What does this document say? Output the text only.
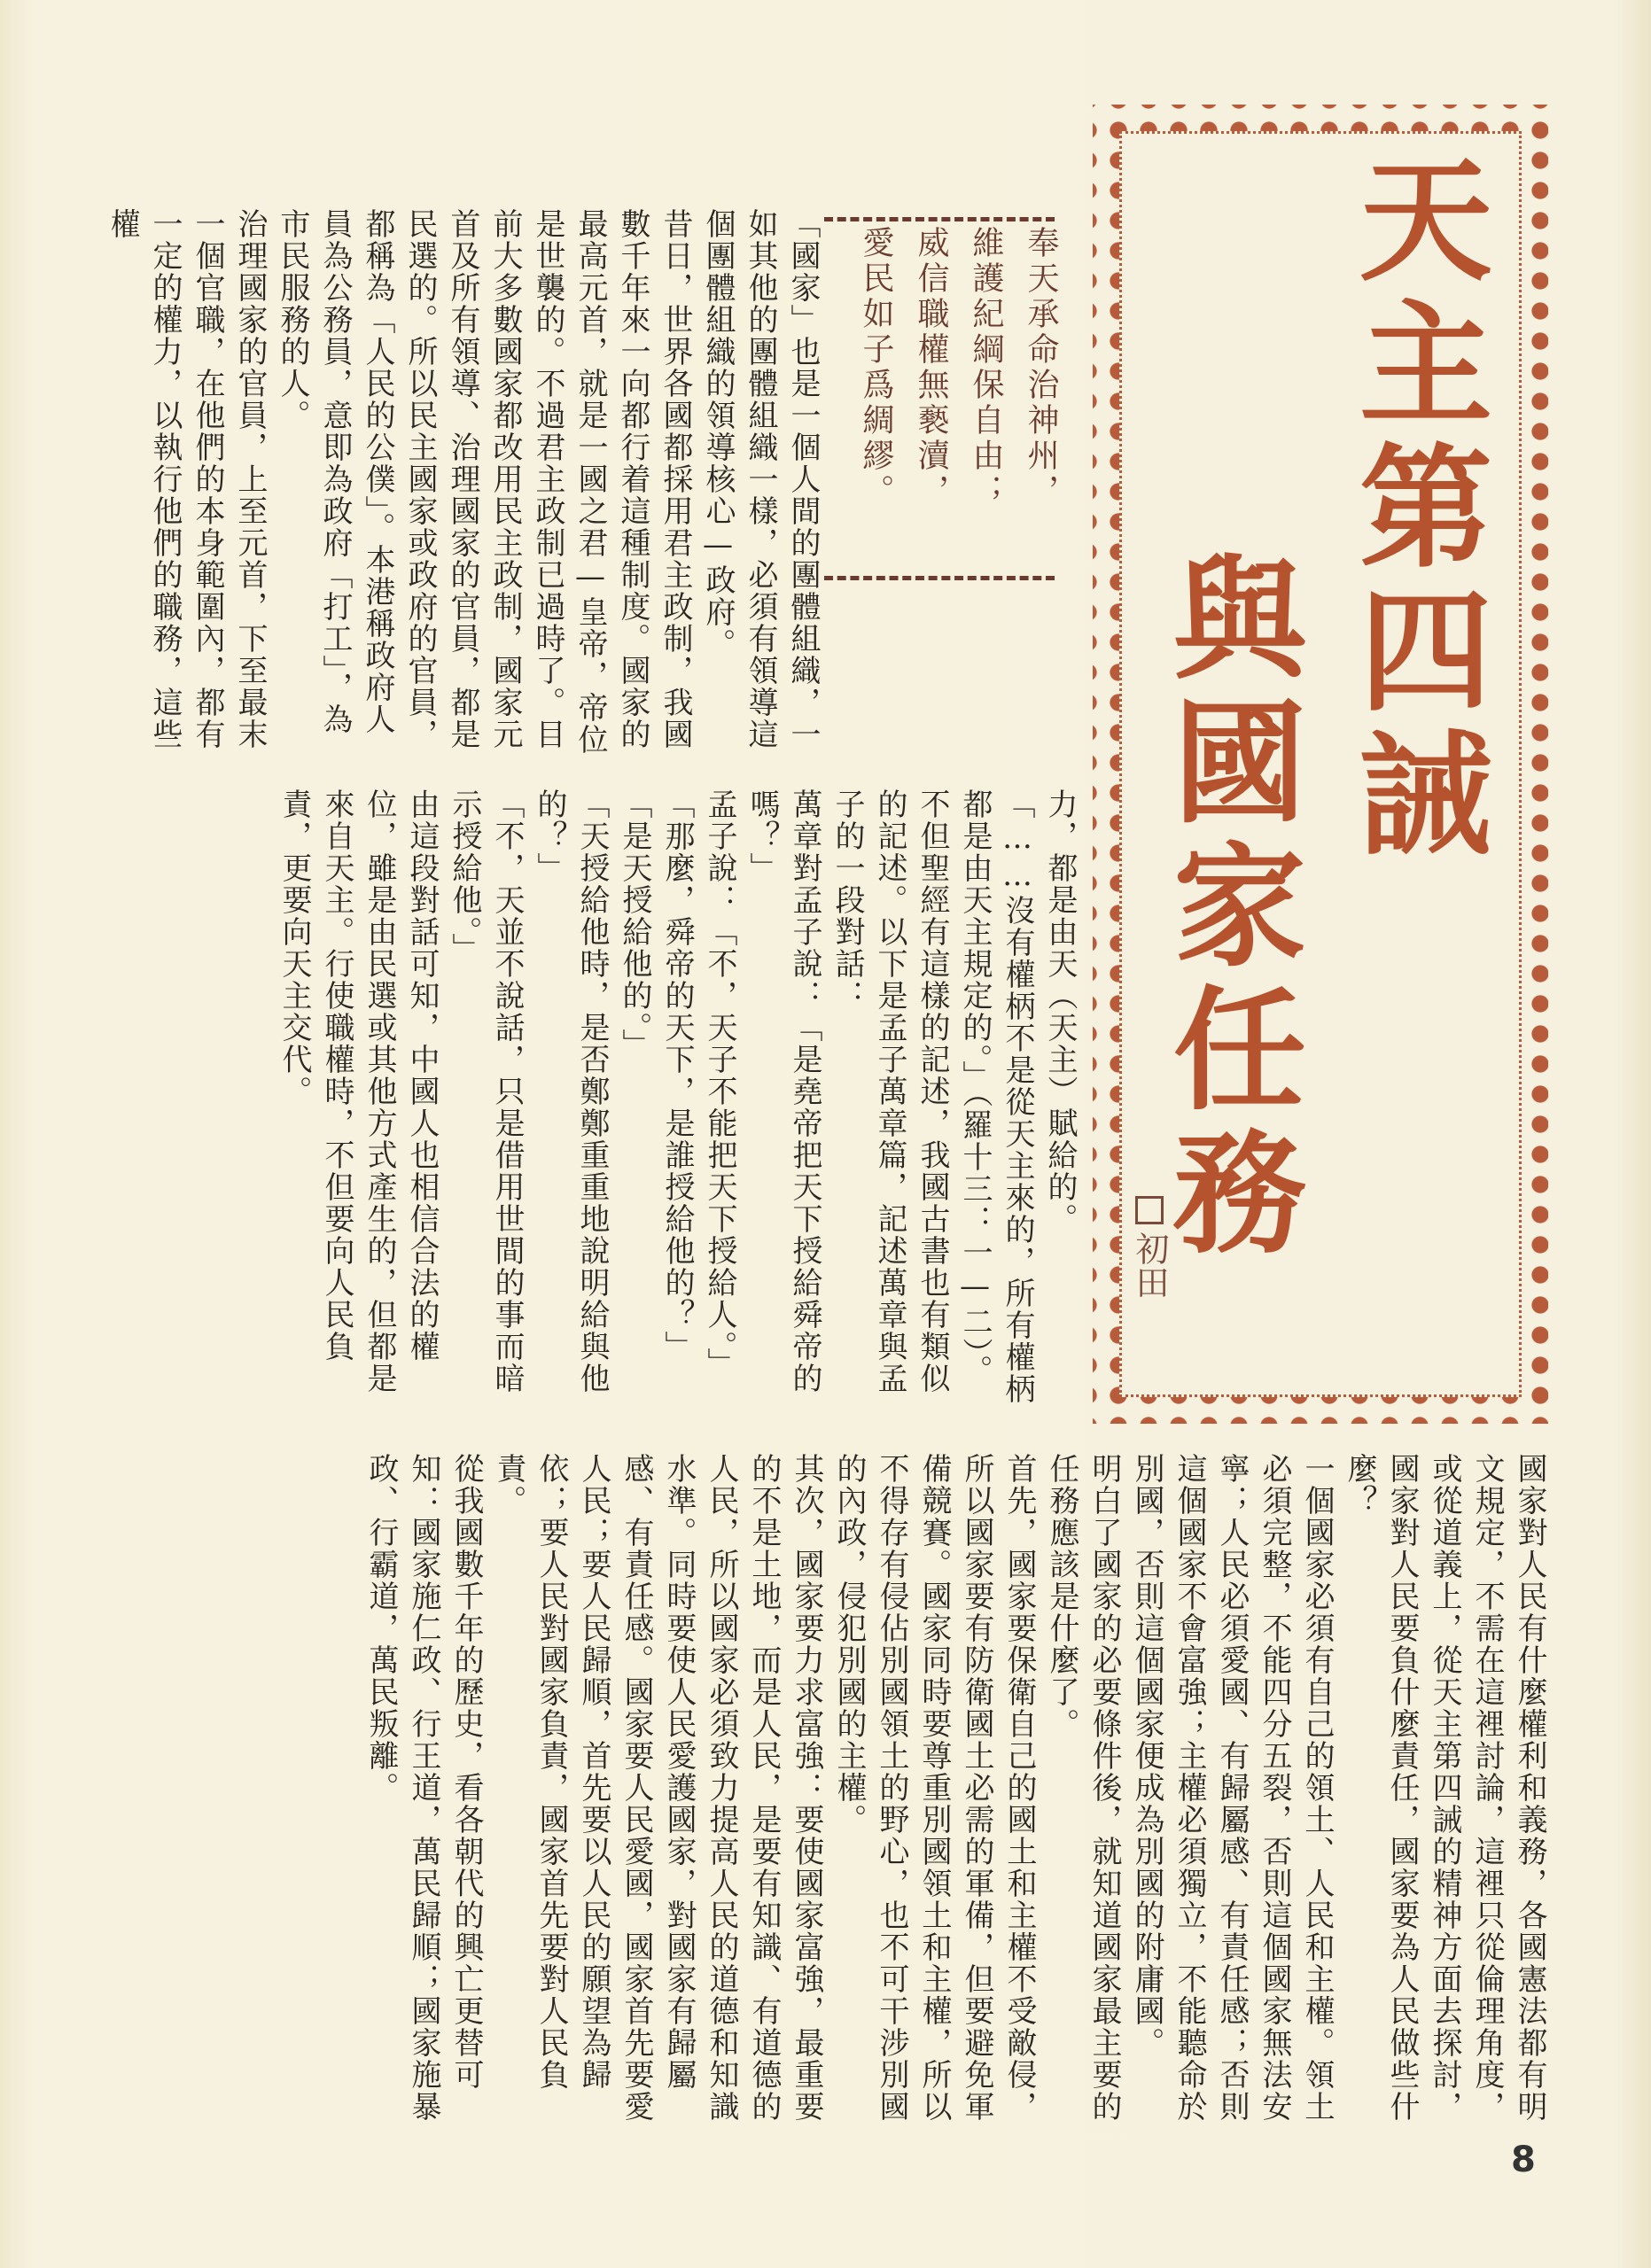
天主第四誡
與國家任務
初田
奉天承命治神州，
維護紀綱保自由；
威信職權無褻瀆，
愛民如子爲綢繆。
「國家」也是一個人間的團體組織，一如其他的團體組織一樣，必須有領導這個團體組織的領導核心—政府。
昔日，世界各國都採用君主政制，我國數千年來一向都行着這種制度。國家的最高元首，就是一國之君—皇帝，帝位是世襲的。不過君主政制已過時了。目前大多數國家都改用民主政制，國家元首及所有領導、治理國家的官員，都是民選的。所以民主國家或政府的官員，都稱為「人民的公僕」。本港稱政府人員為公務員，意即為政府「打工」，為市民服務的人。
治理國家的官員，上至元首，下至最末一個官職，在他們的本身範圍內，都有一定的權力，以執行他們的職務，這些權
力，都是由天（天主）賦給的。
「……沒有權柄不是從天主來的，所有權柄都是由天主規定的。」（羅十三：一—二）。不但聖經有這樣的記述，我國古書也有類似的記述。以下是孟子萬章篇，記述萬章與孟子的一段對話：
萬章對孟子說：「是堯帝把天下授給舜帝的嗎？」
孟子說：「不，天子不能把天下授給人。」
「那麼，舜帝的天下，是誰授給他的？」
「是天授給他的。」
「天授給他時，是否鄭鄭重重地說明給與他的？」
「不，天並不說話，只是借用世間的事而暗示授給他。」
由這段對話可知，中國人也相信合法的權位，雖是由民選或其他方式產生的，但都是來自天主。行使職權時，不但要向人民負責，更要向天主交代。
國家對人民有什麼權利和義務，各國憲法都有明文規定，不需在這裡討論，這裡只從倫理角度，或從道義上，從天主第四誡的精神方面去探討，國家對人民要負什麼責任，國家要為人民做些什麼？
一個國家必須有自己的領土、人民和主權。領土必須完整，不能四分五裂，否則這個國家無法安寧；人民必須愛國、有歸屬感、有責任感；否則這個國家不會富強；主權必須獨立，不能聽命於別國，否則這個國家便成為別國的附庸國。
明白了國家的必要條件後，就知道國家最主要的任務應該是什麼了。
首先，國家要保衛自己的國土和主權不受敵侵，所以國家要有防衛國土必需的軍備，但要避免軍備競賽。國家同時要尊重別國領土和主權，所以不得存有侵佔別國領土的野心，也不可干涉別國的內政，侵犯別國的主權。
其次，國家要力求富強：要使國家富強，最重要的不是土地，而是人民，是要有知識、有道德的人民，所以國家必須致力提高人民的道德和知識水準。同時要使人民愛護國家，對國家有歸屬感、有責任感。國家要人民愛國，國家首先要愛人民；要人民歸順，首先要以人民的願望為歸依；要人民對國家負責，國家首先要對人民負責。
從我國數千年的歷史，看各朝代的興亡更替可知：國家施仁政、行王道，萬民歸順；國家施暴政、行霸道，萬民叛離。
8
